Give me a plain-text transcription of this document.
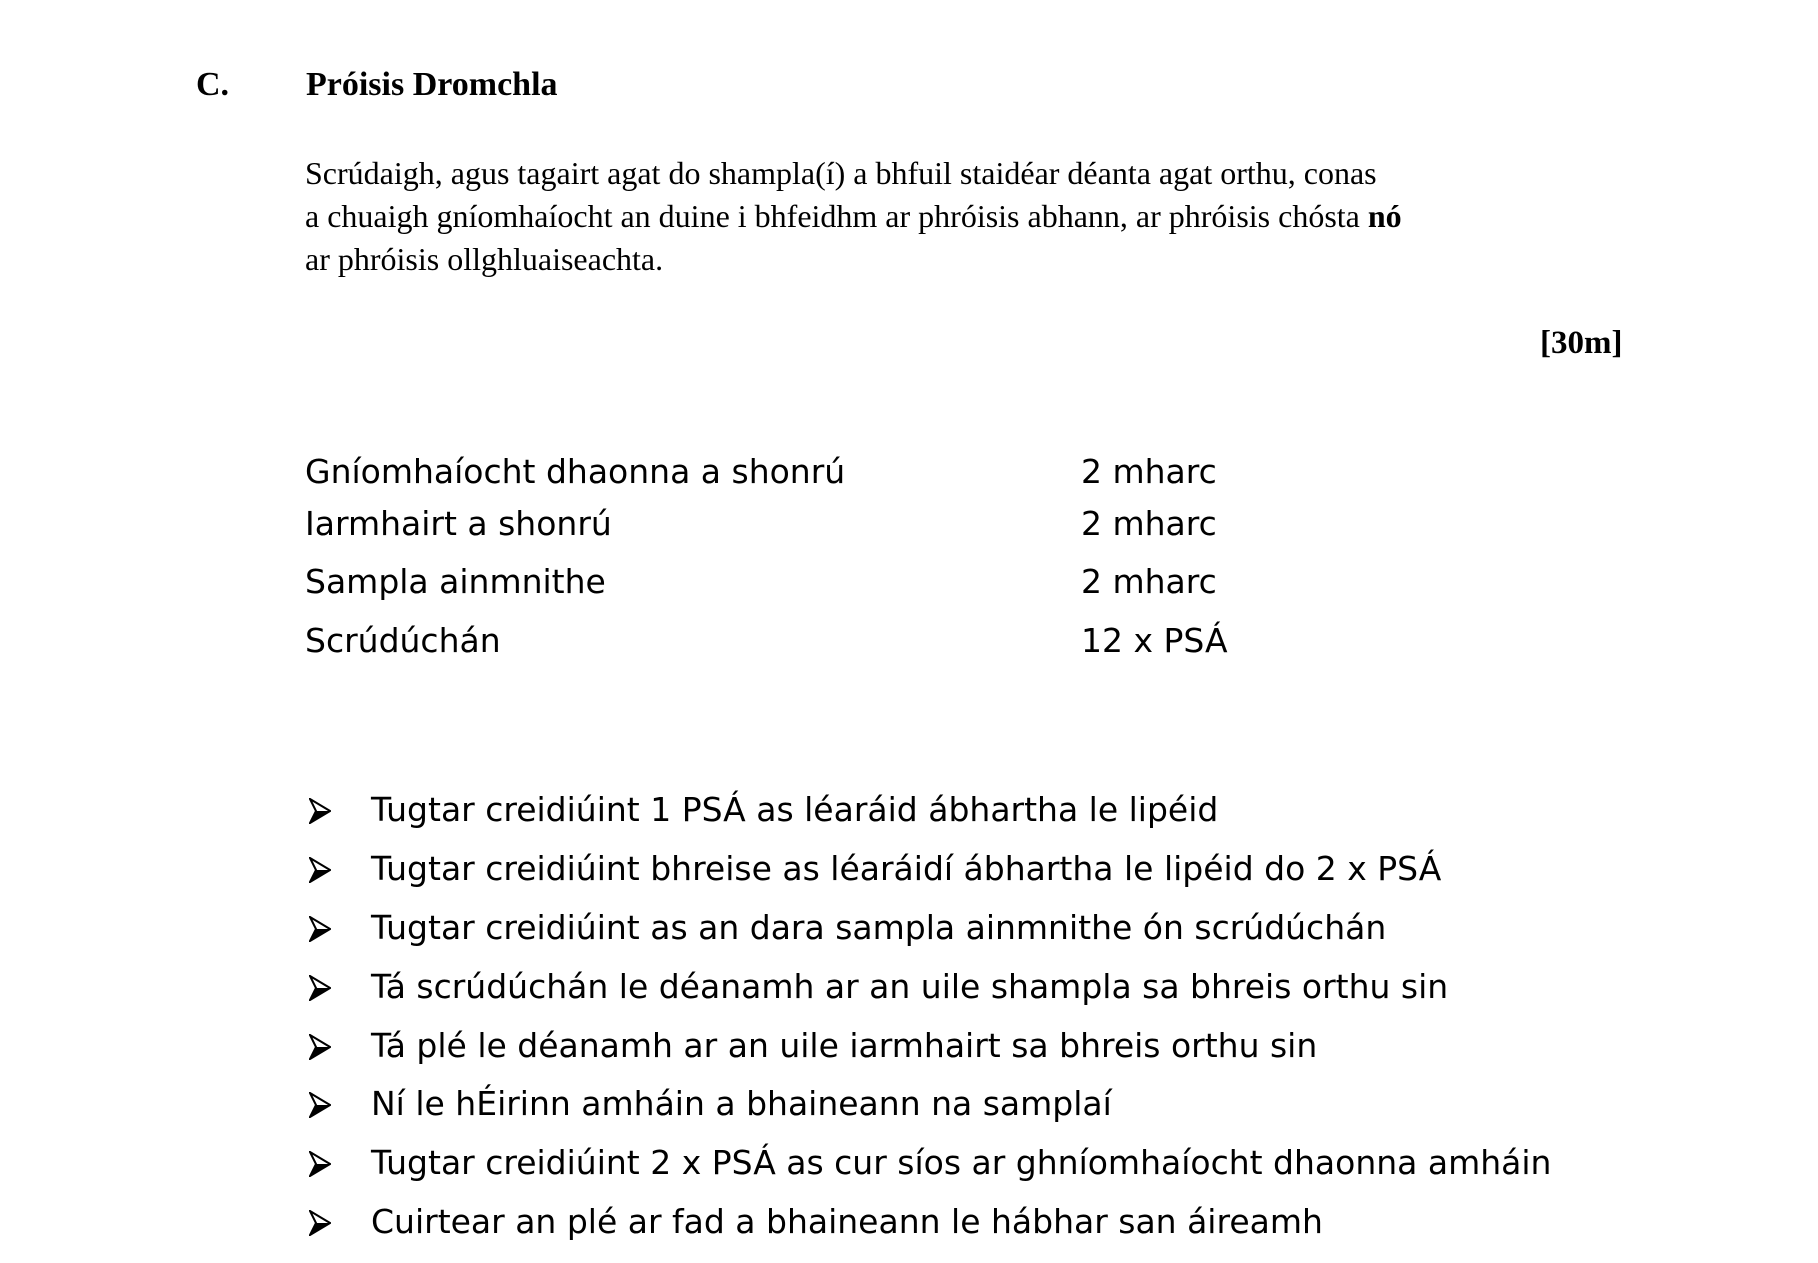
C. Próisis Dromchla
Scrúdaigh, agus tagairt agat do shampla(í) a bhfuil staidéar déanta agat orthu, conas
a chuaigh gníomhaíocht an duine i bhfeidhm ar phróisis abhann, ar phróisis chósta nó
ar phróisis ollghluaiseachta.
[30m]
Gníomhaíocht dhaonna a shonrú	2 mharc
Iarmhairt a shonrú	2 mharc
Sampla ainmnithe	2 mharc
Scrúdúchán	12 x PSÁ
Tugtar creidiúint 1 PSÁ as léaráid ábhartha le lipéid
Tugtar creidiúint bhreise as léaráidí ábhartha le lipéid do 2 x PSÁ
Tugtar creidiúint as an dara sampla ainmnithe ón scrúdúchán
Tá scrúdúchán le déanamh ar an uile shampla sa bhreis orthu sin
Tá plé le déanamh ar an uile iarmhairt sa bhreis orthu sin
Ní le hÉirinn amháin a bhaineann na samplaí
Tugtar creidiúint 2 x PSÁ as cur síos ar ghníomhaíocht dhaonna amháin
Cuirtear an plé ar fad a bhaineann le hábhar san áireamh
